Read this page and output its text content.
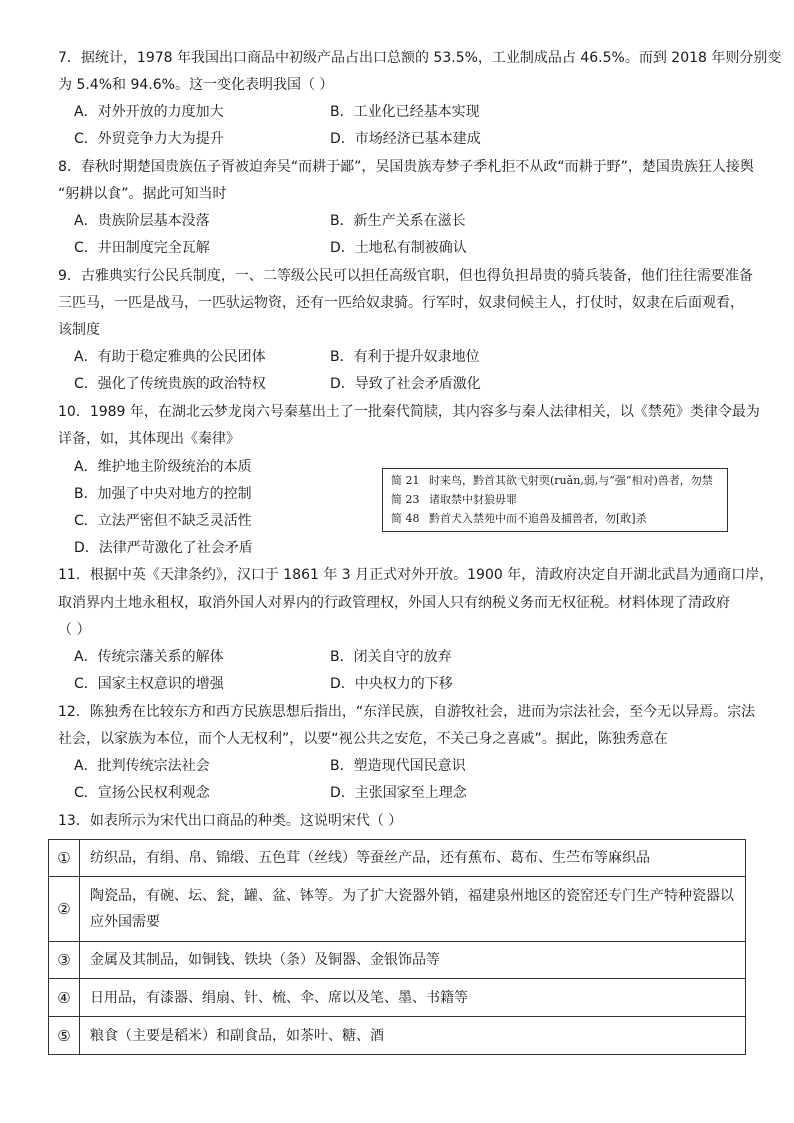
7．据统计，1978 年我国出口商品中初级产品占出口总额的 53.5%，工业制成品占 46.5%。而到 2018 年则分别变
为 5.4%和 94.6%。这一变化表明我国（ ）
A．对外开放的力度加大	B．工业化已经基本实现
C．外贸竞争力大为提升	D．市场经济已基本建成
8．春秋时期楚国贵族伍子胥被迫奔吴“而耕于鄙”，吴国贵族寿梦子季札拒不从政“而耕于野”，楚国贵族狂人接舆
“躬耕以食”。据此可知当时
A．贵族阶层基本没落	B．新生产关系在滋长
C．井田制度完全瓦解	D．土地私有制被确认
9．古雅典实行公民兵制度，一、二等级公民可以担任高级官职，但也得负担昂贵的骑兵装备，他们往往需要准备
三匹马，一匹是战马，一匹驮运物资，还有一匹给奴隶骑。行军时，奴隶伺候主人，打仗时，奴隶在后面观看，
该制度
A．有助于稳定雅典的公民团体	B．有利于提升奴隶地位
C．强化了传统贵族的政治特权	D．导致了社会矛盾激化
10．1989 年，在湖北云梦龙岗六号秦墓出土了一批秦代简牍，其内容多与秦人法律相关，以《禁苑》类律令最为
详备，如，其体现出《秦律》
A．维护地主阶级统治的本质
B．加强了中央对地方的控制
C．立法严密但不缺乏灵活性
D．法律严苛激化了社会矛盾
简 21 时来鸟，黔首其欲弋射耎(ruǎn,弱,与“强”相对)兽者，勿禁
简 23 诸取禁中豺狼毋罪
简 48 黔首犬入禁苑中而不追兽及捕兽者，勿[敢]杀
11．根据中英《天津条约》，汉口于 1861 年 3 月正式对外开放。1900 年，清政府决定自开湖北武昌为通商口岸，
取消界内土地永租权，取消外国人对界内的行政管理权，外国人只有纳税义务而无权征税。材料体现了清政府
（ ）
A．传统宗藩关系的解体	B．闭关自守的放弃
C．国家主权意识的增强	D．中央权力的下移
12．陈独秀在比较东方和西方民族思想后指出，“东洋民族，自游牧社会，进而为宗法社会，至今无以异焉。宗法
社会，以家族为本位，而个人无权利”，以要“视公共之安危，不关己身之喜戚”。据此，陈独秀意在
A．批判传统宗法社会	B．塑造现代国民意识
C．宣扬公民权利观念	D．主张国家至上理念
13．如表所示为宋代出口商品的种类。这说明宋代（ ）
①	纺织品，有绢、帛、锦缎、五色茸（丝线）等蚕丝产品，还有蕉布、葛布、生苎布等麻织品
②	陶瓷品，有碗、坛、瓮，罐、盆、钵等。为了扩大瓷器外销，福建泉州地区的瓷窑还专门生产特种瓷器以应外国需要
③	金属及其制品，如铜钱、铁块（条）及铜器、金银饰品等
④	日用品，有漆器、绢扇、针、梳、伞、席以及笔、墨、书籍等
⑤	粮食（主要是稻米）和副食品，如茶叶、糖、酒
